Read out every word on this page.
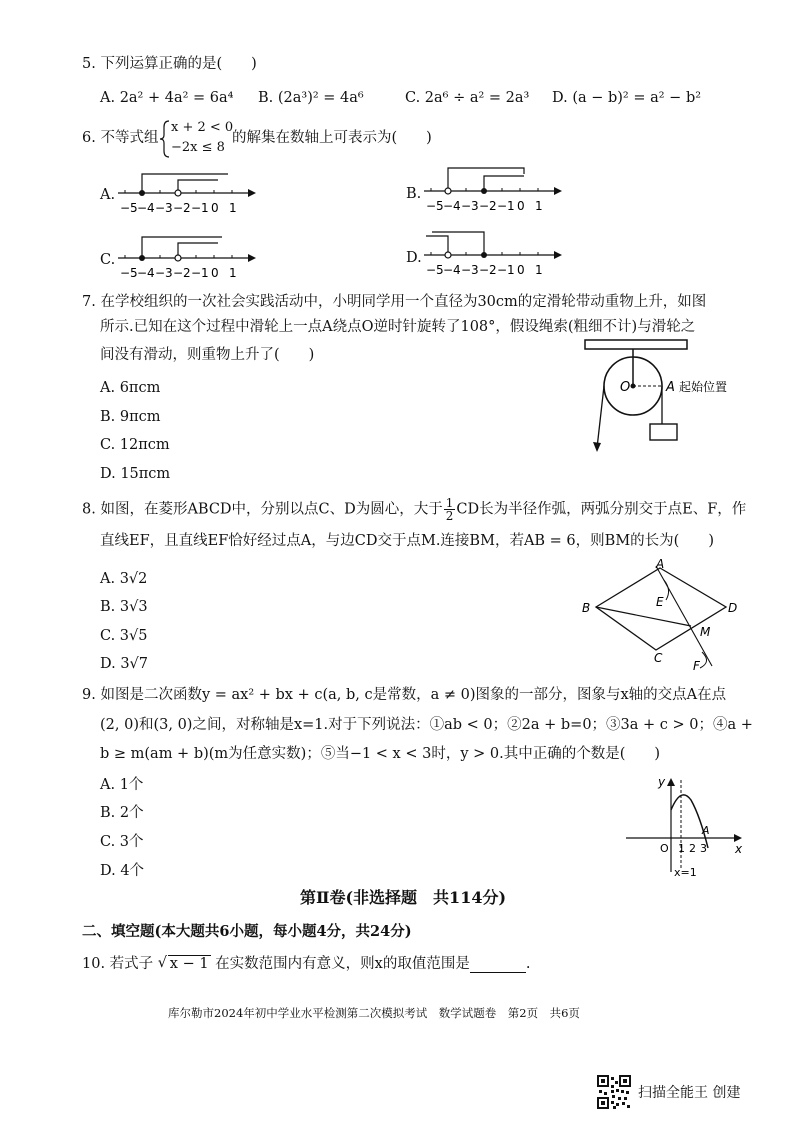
5. 下列运算正确的是(　　)
A. 2a² + 4a² = 6a⁴ B. (2a³)² = 4a⁶	C. 2a⁶ ÷ a² = 2a³ D. (a − b)² = a² − b²
6. 不等式组
x + 2 < 0
−2x ≤ 8
的解集在数轴上可表示为(　　)
A.
−5 −4 −3 −2 −1 0 1
B.
−5 −4 −3 −2 −1 0 1
C.
−5 −4 −3 −2 −1 0 1
D.
−5 −4 −3 −2 −1 0 1
7. 在学校组织的一次社会实践活动中，小明同学用一个直径为30cm的定滑轮带动重物上升，如图
所示.已知在这个过程中滑轮上一点A绕点O逆时针旋转了108°，假设绳索(粗细不计)与滑轮之
间没有滑动，则重物上升了(　　)
A. 6πcm
B. 9πcm
C. 12πcm
D. 15πcm
O	A 起始位置
8. 如图，在菱形ABCD中，分别以点C、D为圆心，大于 $\frac{1}{2}$ CD长为半径作弧，两弧分别交于点E、F，作
直线EF，且直线EF恰好经过点A，与边CD交于点M.连接BM，若AB = 6，则BM的长为(　　)
A. 3√2
B. 3√3
C. 3√5
D. 3√7
A
B
C
D
E
M
F
9. 如图是二次函数y = ax² + bx + c(a, b, c是常数，a ≠ 0)图象的一部分，图象与x轴的交点A在点
(2, 0)和(3, 0)之间，对称轴是x=1.对于下列说法：①ab < 0；②2a + b=0；③3a + c > 0；④a +
b ≥ m(am + b)(m为任意实数)；⑤当−1 < x < 3时，y > 0.其中正确的个数是(　　)
A. 1个
B. 2个
C. 3个
D. 4个
y
x
O 1 2 3
A
x=1
第Ⅱ卷(非选择题　共114分)
二、填空题(本大题共6小题，每小题4分，共24分)
10. 若式子 √ x − 1 在实数范围内有意义，则x的取值范围是	.
库尔勒市2024年初中学业水平检测第二次模拟考试　数学试题卷　第2页　共6页
扫描全能王 创建
